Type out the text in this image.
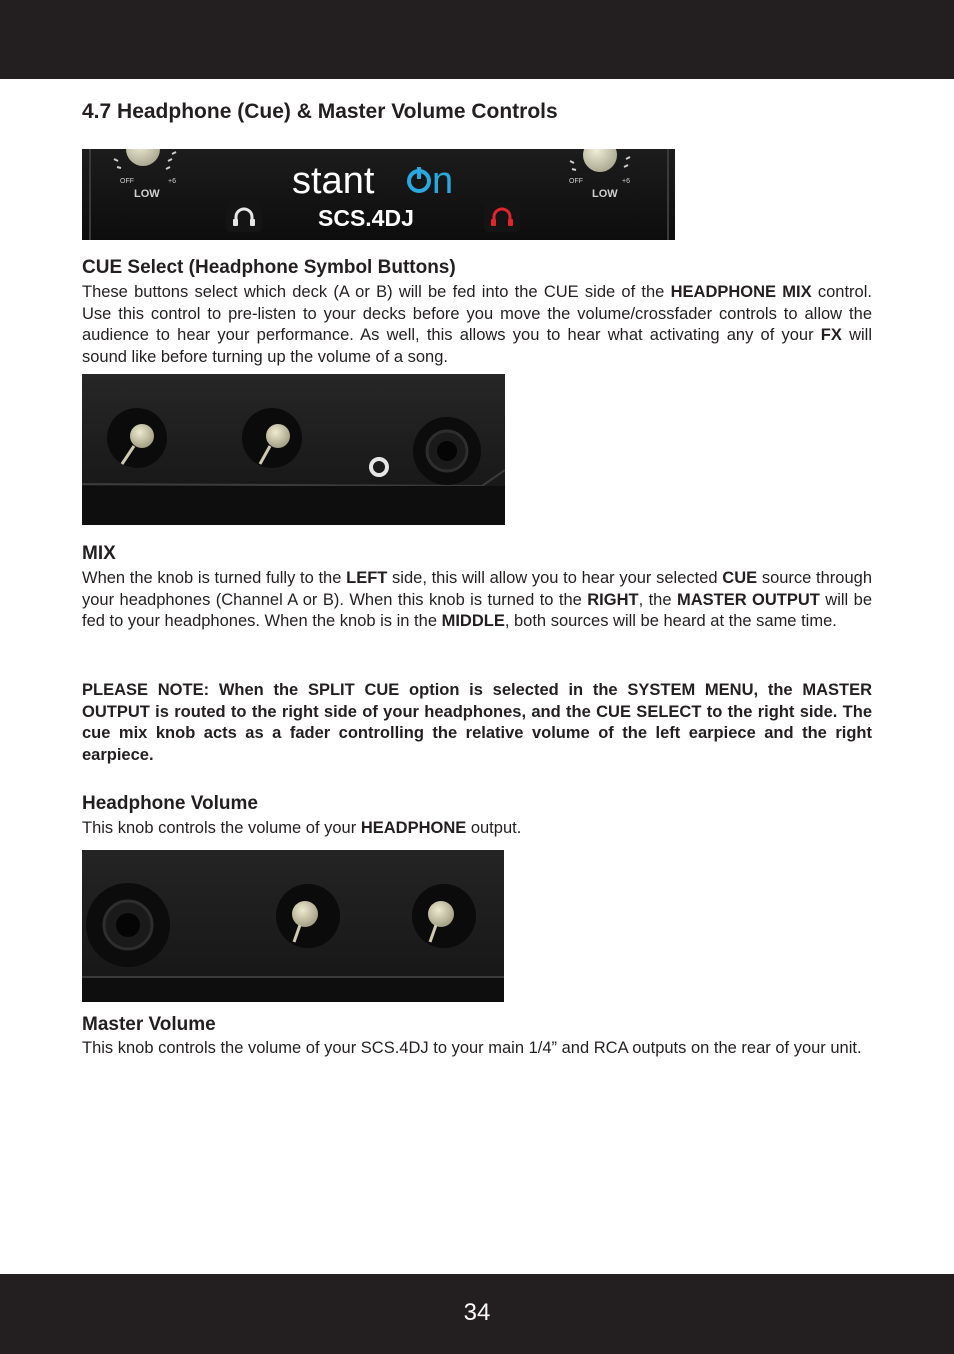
4.7 Headphone (Cue) & Master Volume Controls
OFF	+6
LOW
OFF	+6
LOW
stant n
SCS.4DJ
CUE Select (Headphone Symbol Buttons)

These buttons select which deck (A or B) will be fed into the CUE side of the HEADPHONE MIX control. Use this control to pre-listen to your decks before you move the volume/crossfader controls to allow the audience to hear your performance. As well, this allows you to hear what activating any of your FX will sound like before turning up the volume of a song.

MIX

When the knob is turned fully to the LEFT side, this will allow you to hear your selected CUE source through your headphones (Channel A or B). When this knob is turned to the RIGHT, the MASTER OUTPUT will be fed to your headphones. When the knob is in the MIDDLE, both sources will be heard at the same time.

PLEASE NOTE: When the SPLIT CUE option is selected in the SYSTEM MENU, the MASTER OUTPUT is routed to the right side of your headphones, and the CUE SELECT to the right side. The cue mix knob acts as a fader controlling the relative volume of the left earpiece and the right earpiece.

Headphone Volume

This knob controls the volume of your HEADPHONE output.

Master Volume

This knob controls the volume of your SCS.4DJ to your main 1/4” and RCA outputs on the rear of your unit.

34
